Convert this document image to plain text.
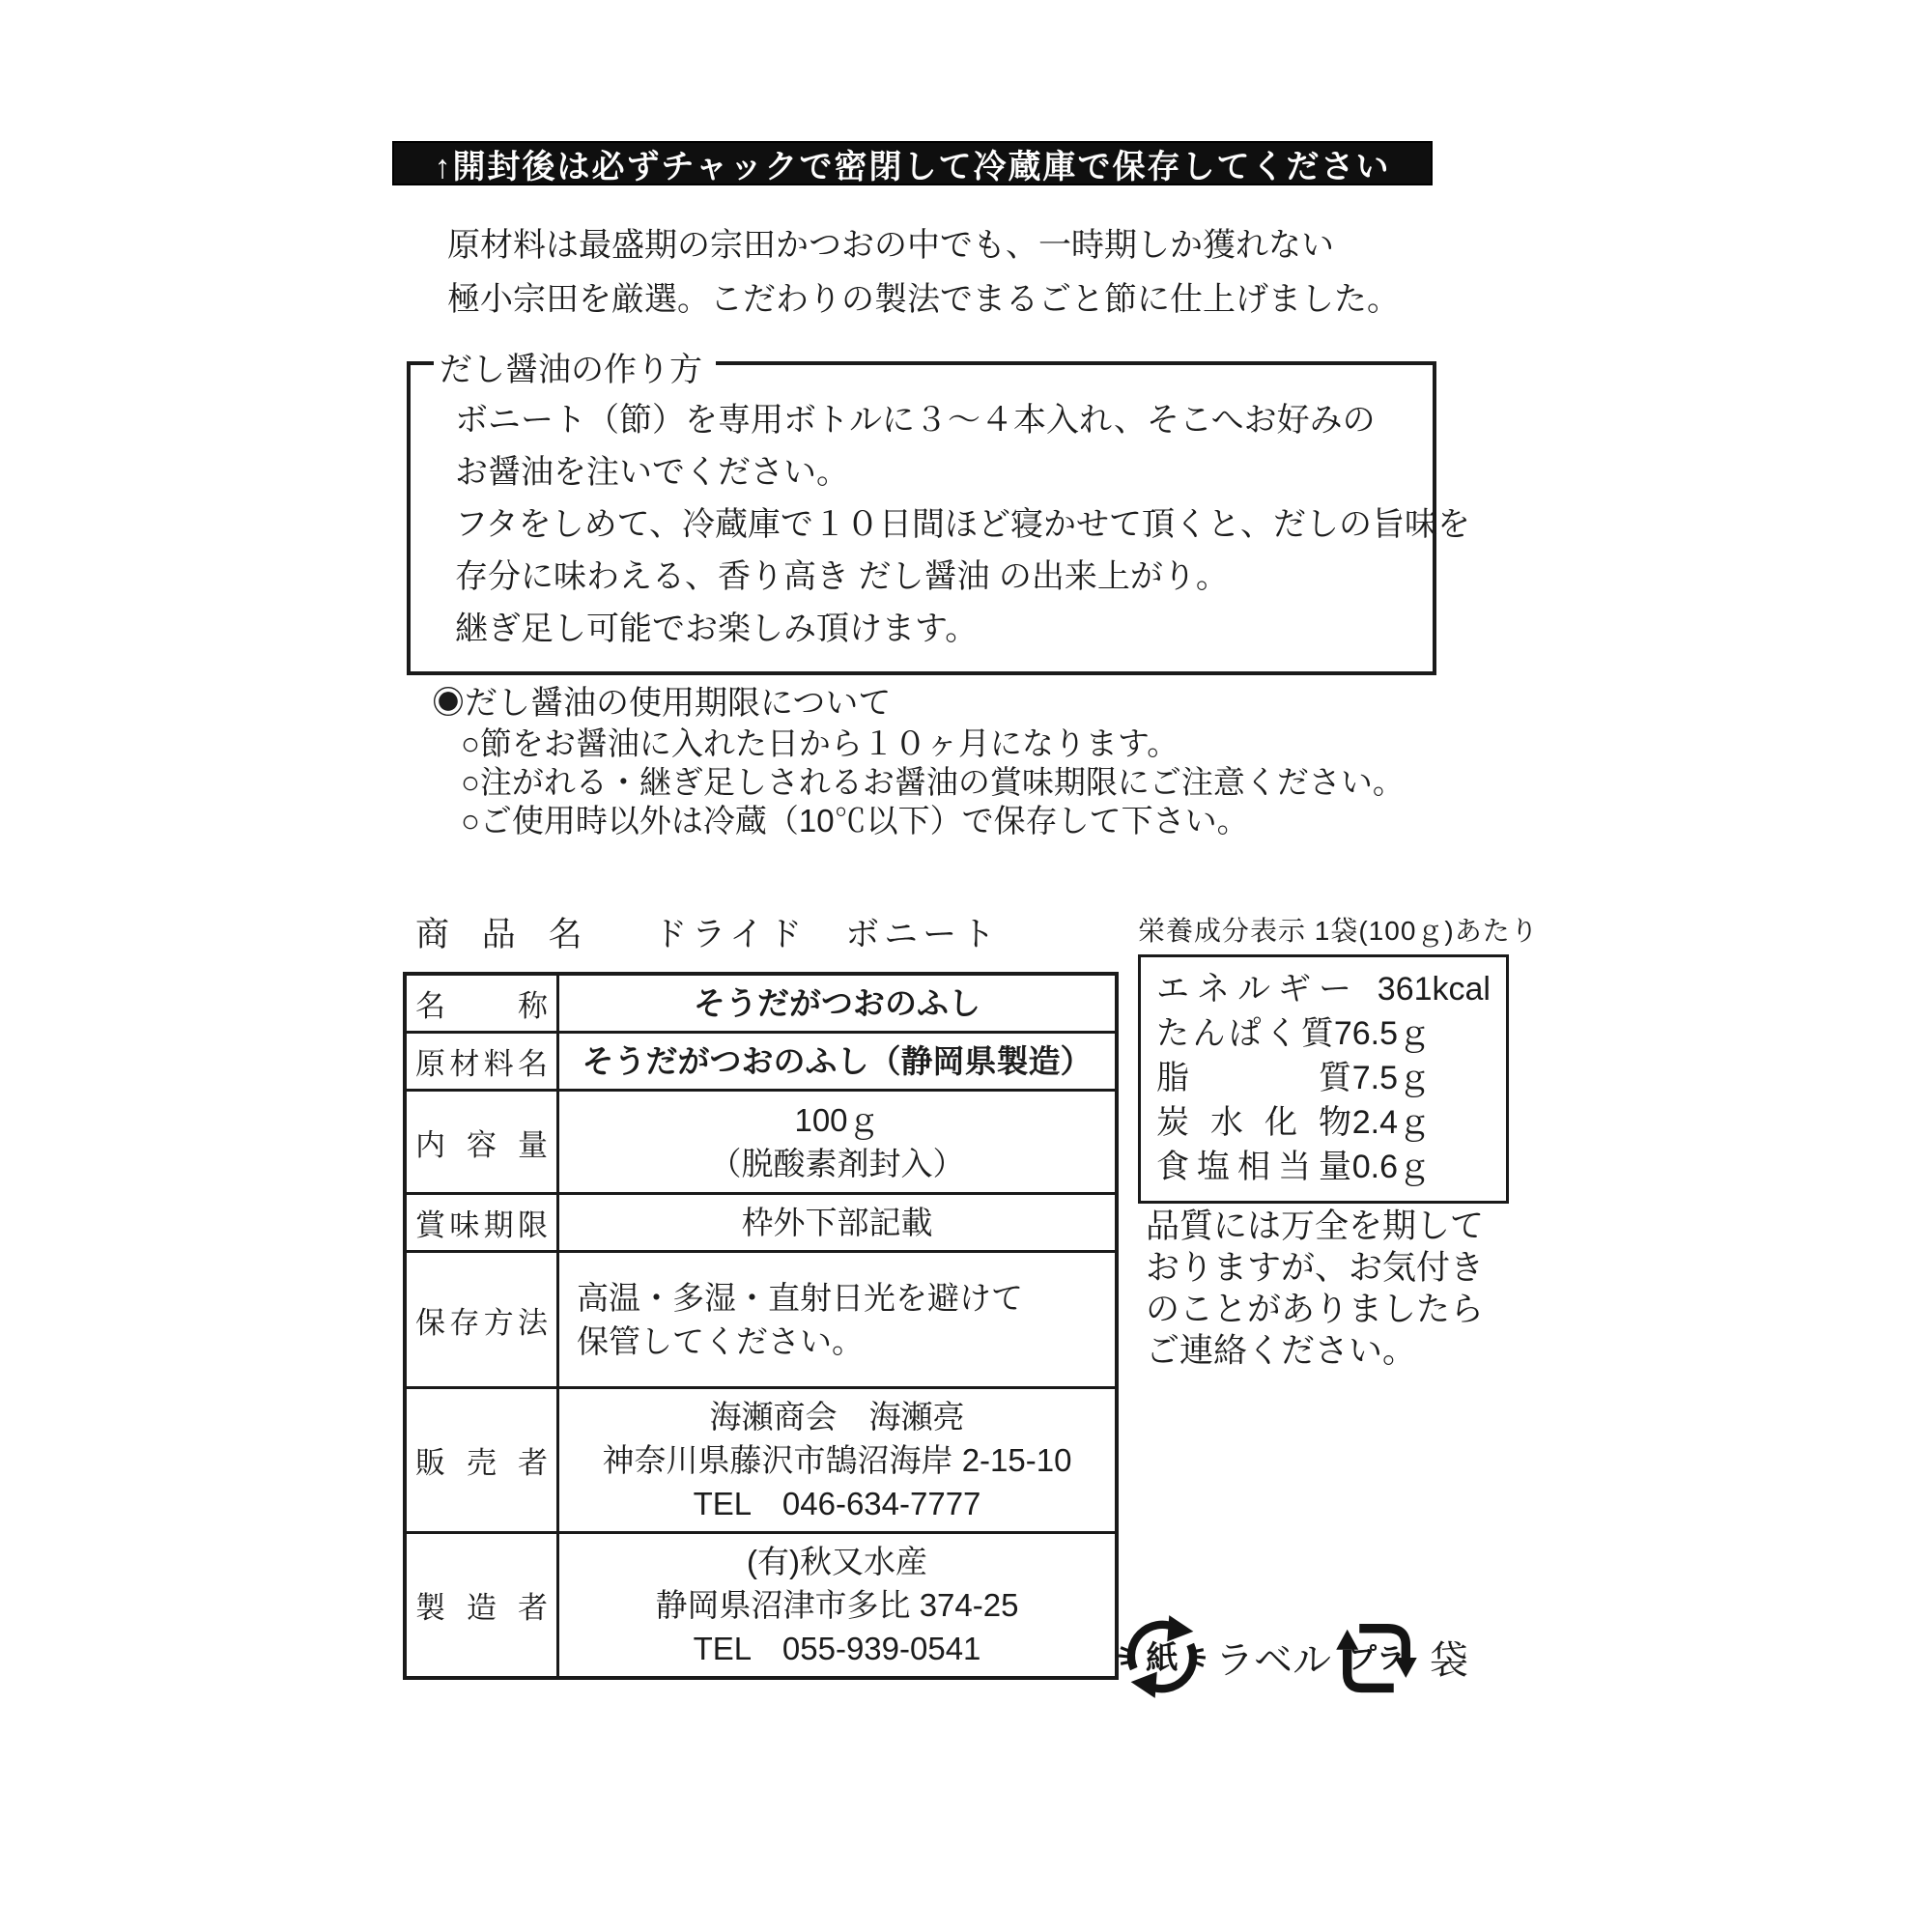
↑開封後は必ずチャックで密閉して冷蔵庫で保存してください
原材料は最盛期の宗田かつおの中でも、一時期しか獲れない
極小宗田を厳選。こだわりの製法でまるごと節に仕上げました。
だし醤油の作り方
ボニート（節）を専用ボトルに３～４本入れ、そこへお好みの
お醤油を注いでください。
フタをしめて、冷蔵庫で１０日間ほど寝かせて頂くと、だしの旨味を
存分に味わえる、香り高き だし醤油 の出来上がり。
継ぎ足し可能でお楽しみ頂けます。
◉だし醤油の使用期限について
○節をお醤油に入れた日から１０ヶ月になります。
○注がれる・継ぎ足しされるお醤油の賞味期限にご注意ください。
○ご使用時以外は冷蔵（10℃以下）で保存して下さい。
商 品 名 ドライド　ボニート
名称	そうだがつおのふし
原材料名 そうだがつおのふし（静岡県製造）
内容量
100ｇ
（脱酸素剤封入）
賞味期限	枠外下部記載
保存方法
高温・多湿・直射日光を避けて
保管してください。
販売者
海瀬商会　海瀬亮
神奈川県藤沢市鵠沼海岸 2-15-10
TEL　046-634-7777
製造者
(有)秋又水産
静岡県沼津市多比 374-25
TEL　055-939-0541
栄養成分表示 1袋(100ｇ)あたり
エネルギー 361kcal
たんぱく質 76.5ｇ
脂質 7.5ｇ
炭水化物 2.4ｇ
食塩相当量 0.6ｇ
品質には万全を期して
おりますが、お気付き
のことがありましたら
ご連絡ください。
紙 ラベル プラ 袋
